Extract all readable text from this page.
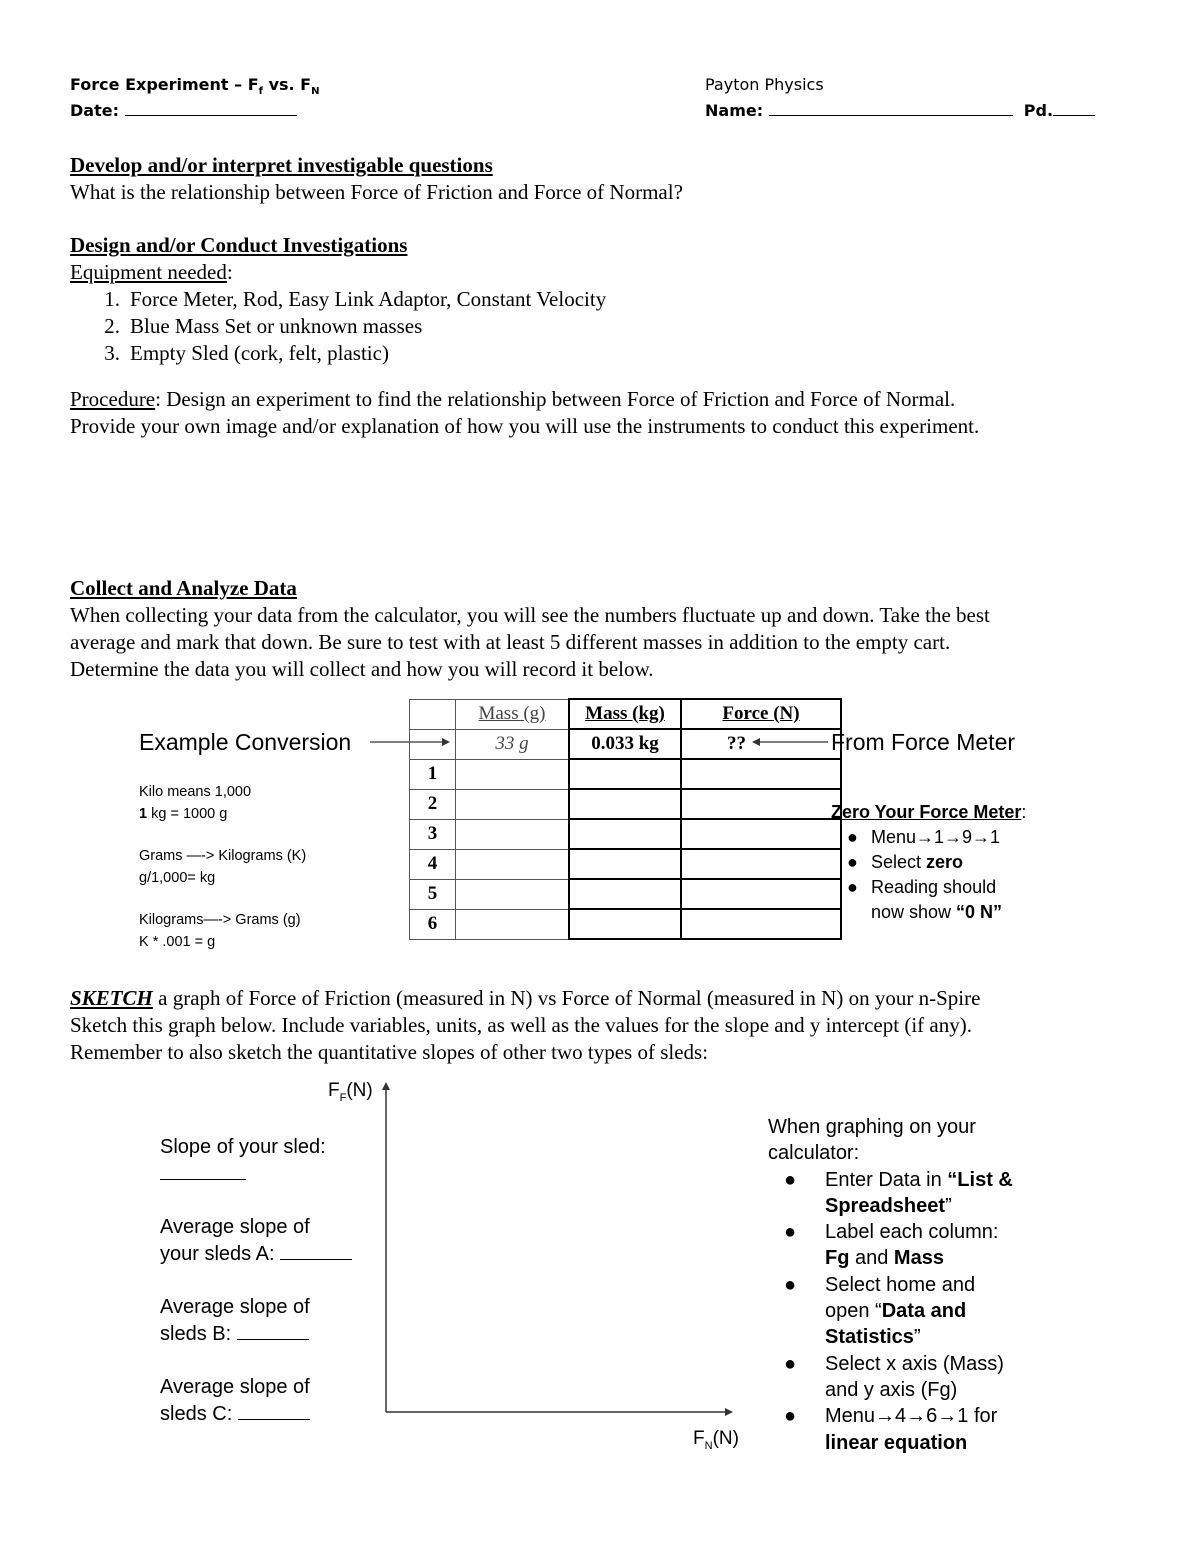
Force Experiment – $F_f$ vs. $F_N$
Date:
Payton Physics
Name:	Pd.
Develop and/or interpret investigable questions
What is the relationship between Force of Friction and Force of Normal?
Design and/or Conduct Investigations
Equipment needed:
1. Force Meter, Rod, Easy Link Adaptor, Constant Velocity
2. Blue Mass Set or unknown masses
3. Empty Sled (cork, felt, plastic)
Procedure: Design an experiment to find the relationship between Force of Friction and Force of Normal.
Provide your own image and/or explanation of how you will use the instruments to conduct this experiment.
Collect and Analyze Data
When collecting your data from the calculator, you will see the numbers fluctuate up and down. Take the best
average and mark that down. Be sure to test with at least 5 different masses in addition to the empty cart.
Determine the data you will collect and how you will record it below.
Example Conversion
Kilo means 1,000
1 kg = 1000 g
Grams —-> Kilograms (K)
g/1,000= kg
Kilograms—-> Grams (g)
K * .001 = g
	Mass (g)	Mass (kg)	Force (N)
	33 g	0.033 kg	??
1			
2			
3			
4			
5			
6			
From Force Meter
Zero Your Force Meter:
● Menu→1→9→1
● Select zero
● Reading should
now show “0 N”
SKETCH a graph of Force of Friction (measured in N) vs Force of Normal (measured in N) on your n-Spire
Sketch this graph below. Include variables, units, as well as the values for the slope and y intercept (if any).
Remember to also sketch the quantitative slopes of other two types of sleds:
$F_F(N)$
$F_N(N)$
Slope of your sled:
Average slope of
your sleds A:
Average slope of
sleds B:
Average slope of
sleds C:
When graphing on your
calculator:
●	Enter Data in “List &
Spreadsheet”
●	Label each column:
Fg and Mass
●	Select home and
open “Data and
Statistics”
●	Select x axis (Mass)
and y axis (Fg)
●	Menu→4→6→1 for
linear equation
